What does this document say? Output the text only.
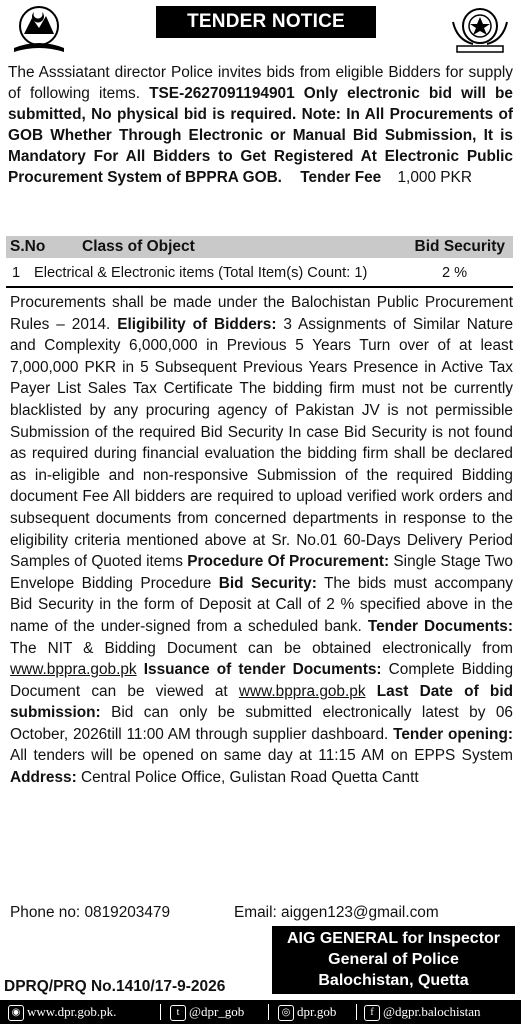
TENDER NOTICE
The Asssiatant director Police invites bids from eligible Bidders for supply of following items. TSE-2627091194901 Only electronic bid will be submitted, No physical bid is required. Note: In All Procurements of GOB Whether Through Electronic or Manual Bid Submission, It is Mandatory For All Bidders to Get Registered At Electronic Public Procurement System of BPPRA GOB. Tender Fee 1,000 PKR
S.No Class of Object	Bid Security
1 Electrical & Electronic items (Total Item(s) Count: 1)	2 %
Procurements shall be made under the Balochistan Public Procurement Rules – 2014. Eligibility of Bidders: 3 Assignments of Similar Nature and Complexity 6,000,000 in Previous 5 Years Turn over of at least 7,000,000 PKR in 5 Subsequent Previous Years Presence in Active Tax Payer List Sales Tax Certificate The bidding firm must not be currently blacklisted by any procuring agency of Pakistan JV is not permissible Submission of the required Bid Security In case Bid Security is not found as required during financial evaluation the bidding firm shall be declared as in-eligible and non-responsive Submission of the required Bidding document Fee All bidders are required to upload verified work orders and subsequent documents from concerned departments in response to the eligibility criteria mentioned above at Sr. No.01 60-Days Delivery Period Samples of Quoted items Procedure Of Procurement: Single Stage Two Envelope Bidding Procedure Bid Security: The bids must accompany Bid Security in the form of Deposit at Call of 2 % specified above in the name of the under-signed from a scheduled bank. Tender Documents: The NIT & Bidding Document can be obtained electronically from www.bppra.gob.pk Issuance of tender Documents: Complete Bidding Document can be viewed at www.bppra.gob.pk Last Date of bid submission: Bid can only be submitted electronically latest by 06 October, 2026till 11:00 AM through supplier dashboard. Tender opening: All tenders will be opened on same day at 11:15 AM on EPPS System Address: Central Police Office, Gulistan Road Quetta Cantt
Phone no: 0819203479	Email: aiggen123@gmail.com
AIG GENERAL for Inspector
General of Police
Balochistan, Quetta
DPRQ/PRQ No.1410/17-9-2026
◉ www.dpr.gob.pk.	t @dpr_gob	◎ dpr.gob	f @dgpr.balochistan
